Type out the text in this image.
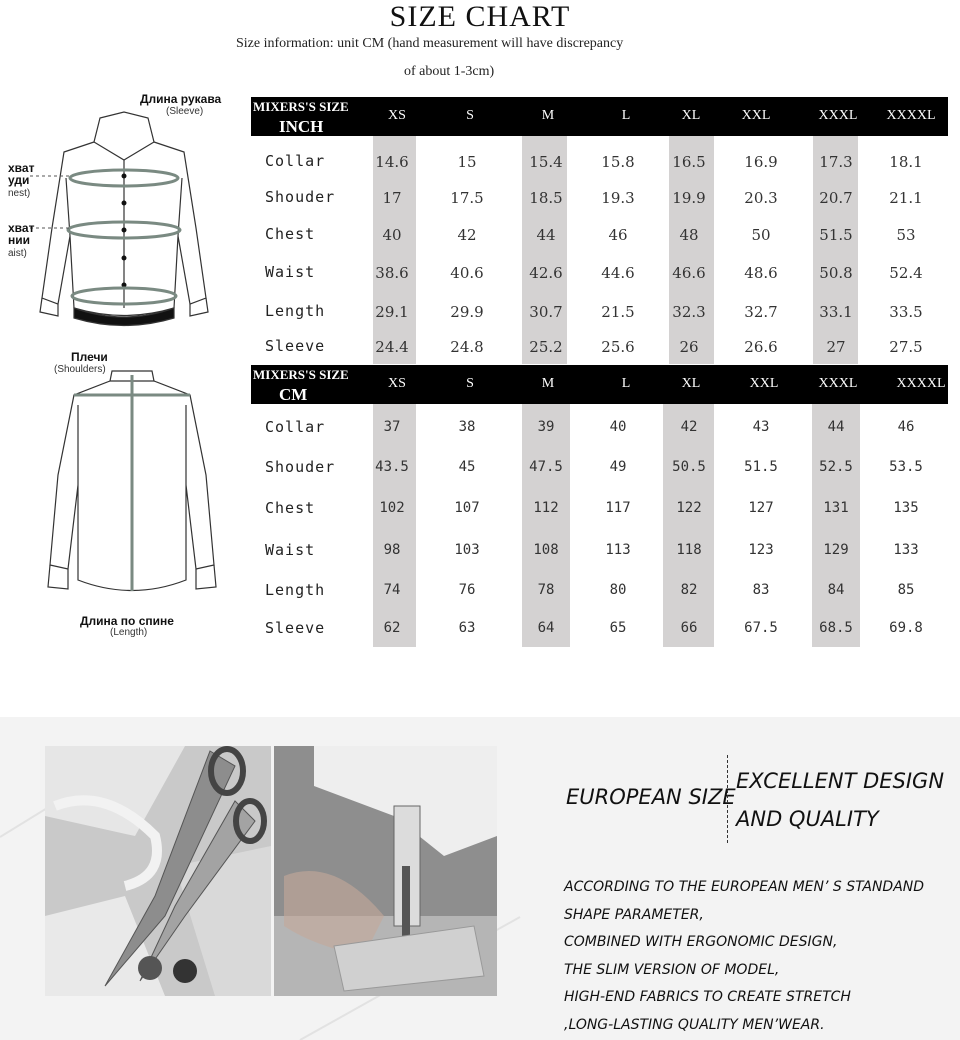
SIZE CHART
Size information: unit CM (hand measurement will have discrepancy
of about 1-3cm)
Длина рукава
(Sleeve)
хват
уди
nest)
хват
нии
aist)
Плечи
(Shoulders)
Длина по спине
(Length)
MIXERS'S SIZE
INCH
XS	S	M	L	XL	XXL	XXXL XXXXL
MIXERS'S SIZE
CM
XS	S	M	L	XL	XXL	XXXL	XXXXL
EUROPEAN SIZE
EXCELLENT DESIGN
AND QUALITY
ACCORDING TO THE EUROPEAN MEN’ S STANDAND
SHAPE PARAMETER,
COMBINED WITH ERGONOMIC DESIGN,
THE SLIM VERSION OF MODEL,
HIGH-END FABRICS TO CREATE STRETCH
,LONG-LASTING QUALITY MEN’WEAR.
Collar	14.6	15	15.4	15.8	16.5	16.9	17.3 18.1
Shouder	17	17.5	18.5	19.3	19.9	20.3	20.7 21.1
Chest	40	42	44	46	48	50	51.5	53
Waist	38.6	40.6	42.6	44.6	46.6	48.6	50.8 52.4
Length	29.1	29.9	30.7	21.5	32.3	32.7	33.1 33.5
Sleeve	24.4	24.8	25.2	25.6	26	26.6	27	27.5
Collar	37	38	39	40	42	43	44	46
Shouder	43.5	45	47.5	49	50.5	51.5	52.5	53.5
Chest	102	107	112	117	122	127	131	135
Waist	98	103	108	113	118	123	129	133
Length	74	76	78	80	82	83	84	85
Sleeve	62	63	64	65	66	67.5	68.5	69.8
